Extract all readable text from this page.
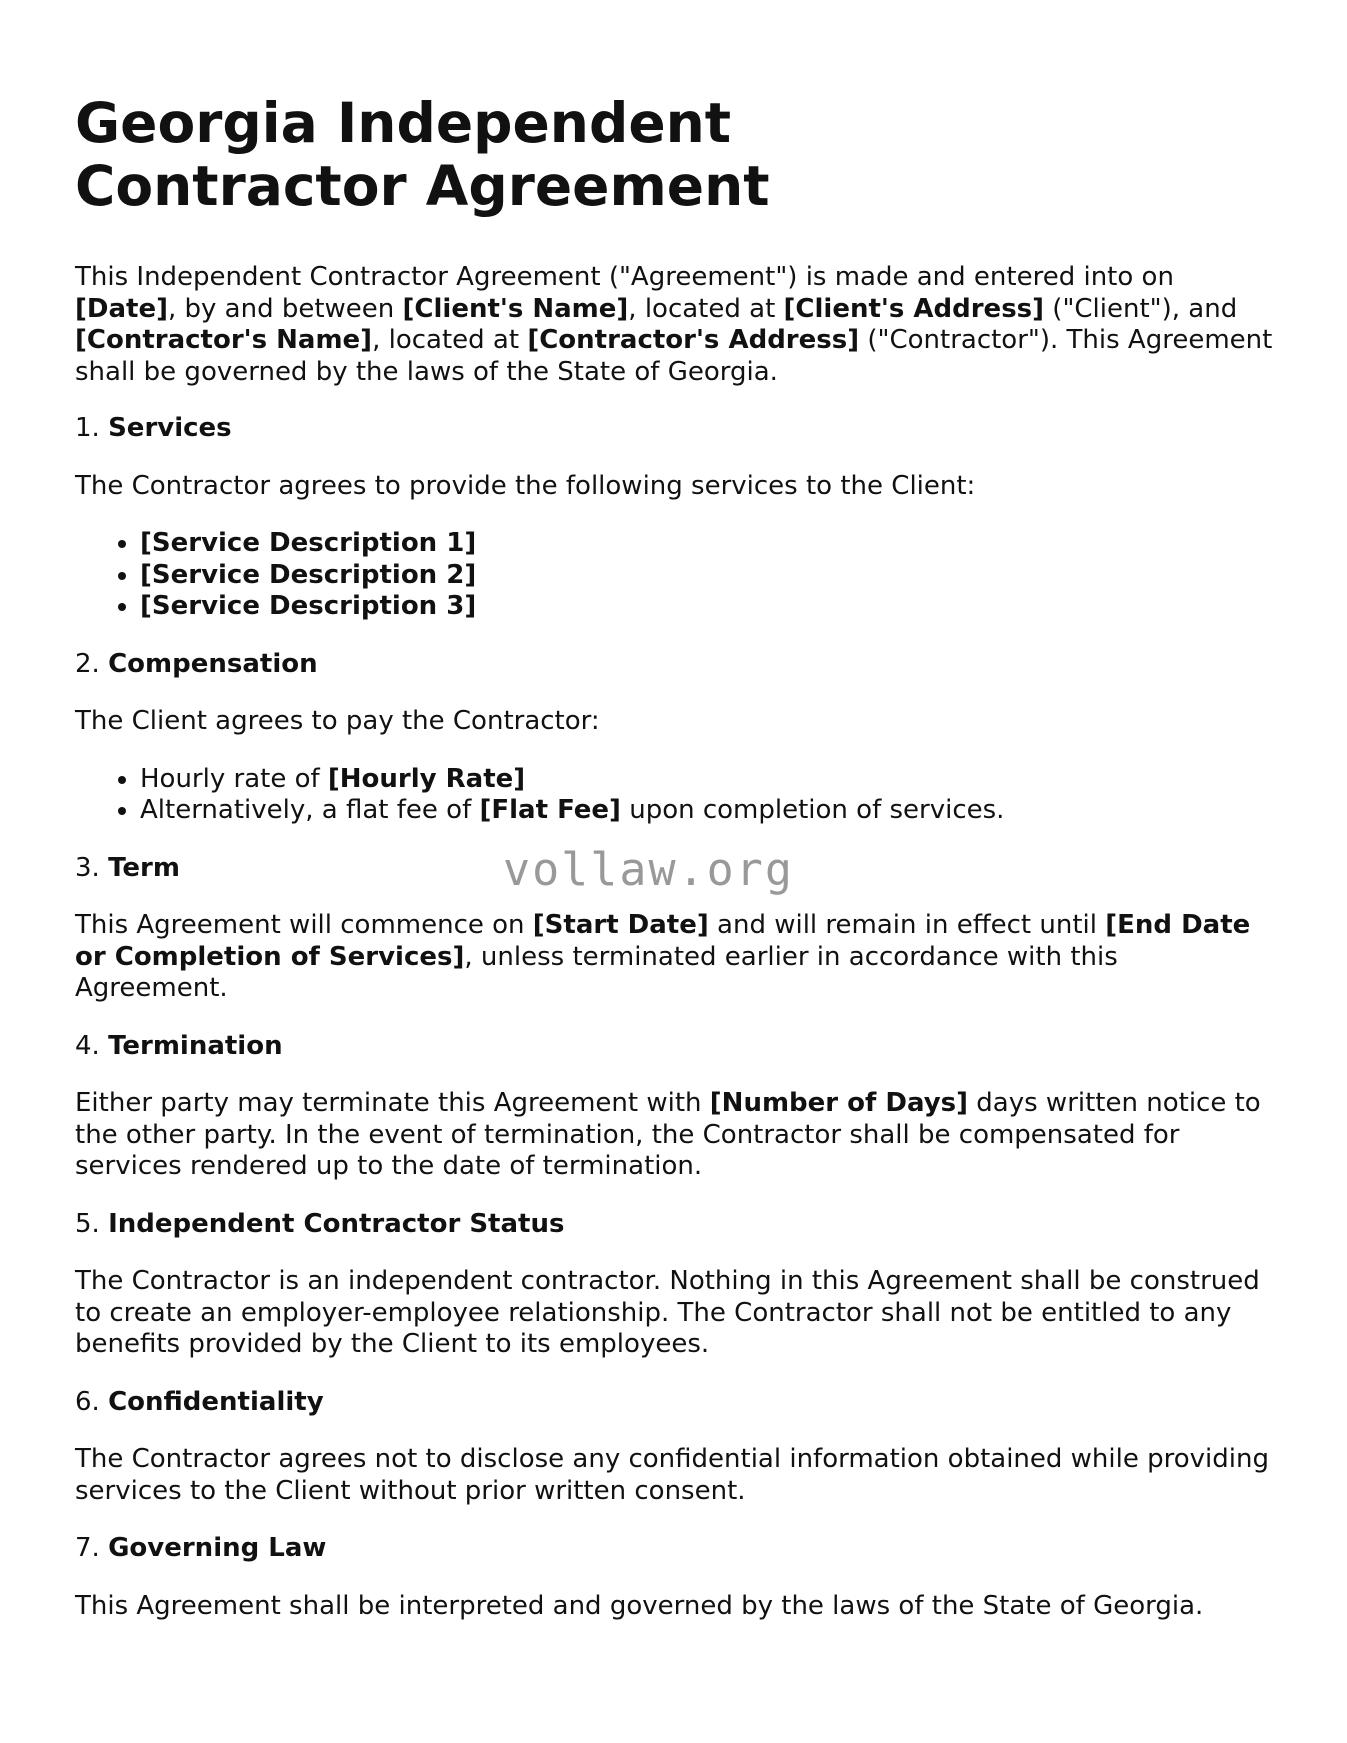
Georgia Independent Contractor Agreement

This Independent Contractor Agreement ("Agreement") is made and entered into on [Date], by and between [Client's Name], located at [Client's Address] ("Client"), and [Contractor's Name], located at [Contractor's Address] ("Contractor"). This Agreement shall be governed by the laws of the State of Georgia.

1. Services

The Contractor agrees to provide the following services to the Client:

• [Service Description 1]
• [Service Description 2]
• [Service Description 3]

2. Compensation

The Client agrees to pay the Contractor:

• Hourly rate of [Hourly Rate]
• Alternatively, a flat fee of [Flat Fee] upon completion of services.

3. Term

This Agreement will commence on [Start Date] and will remain in effect until [End Date or Completion of Services], unless terminated earlier in accordance with this Agreement.

4. Termination

Either party may terminate this Agreement with [Number of Days] days written notice to the other party. In the event of termination, the Contractor shall be compensated for services rendered up to the date of termination.

5. Independent Contractor Status

The Contractor is an independent contractor. Nothing in this Agreement shall be construed to create an employer-employee relationship. The Contractor shall not be entitled to any benefits provided by the Client to its employees.

6. Confidentiality

The Contractor agrees not to disclose any confidential information obtained while providing services to the Client without prior written consent.

7. Governing Law

This Agreement shall be interpreted and governed by the laws of the State of Georgia.

vollaw.org
